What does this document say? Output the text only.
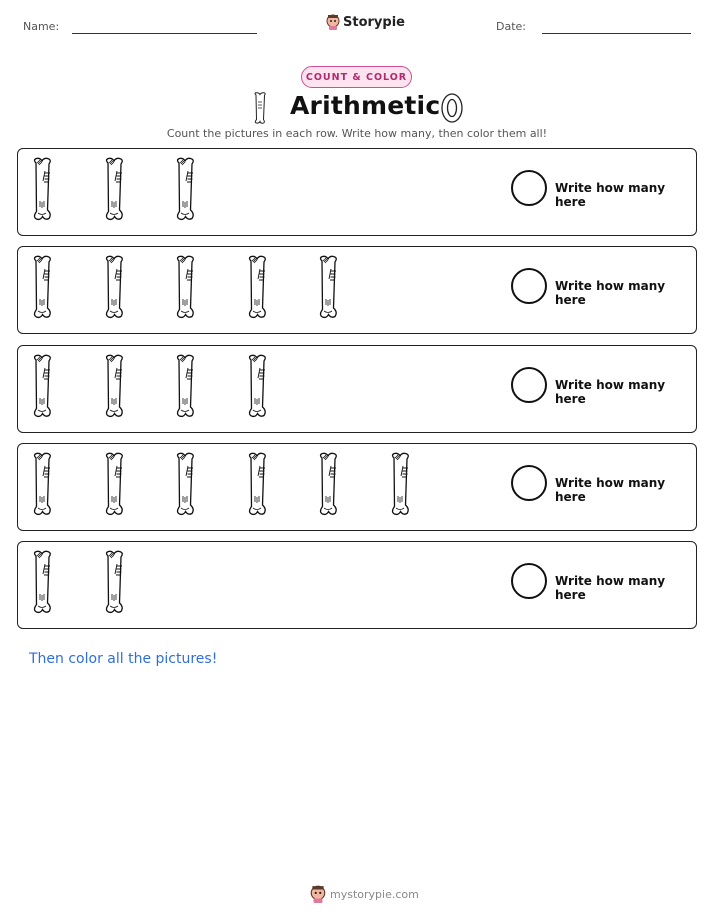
Name:	Storypie	Date:
COUNT & COLOR
Arithmetic
Count the pictures in each row. Write how many, then color them all!
Write how many here
Write how many here
Write how many here
Write how many here
Write how many here
Then color all the pictures!
mystorypie.com
